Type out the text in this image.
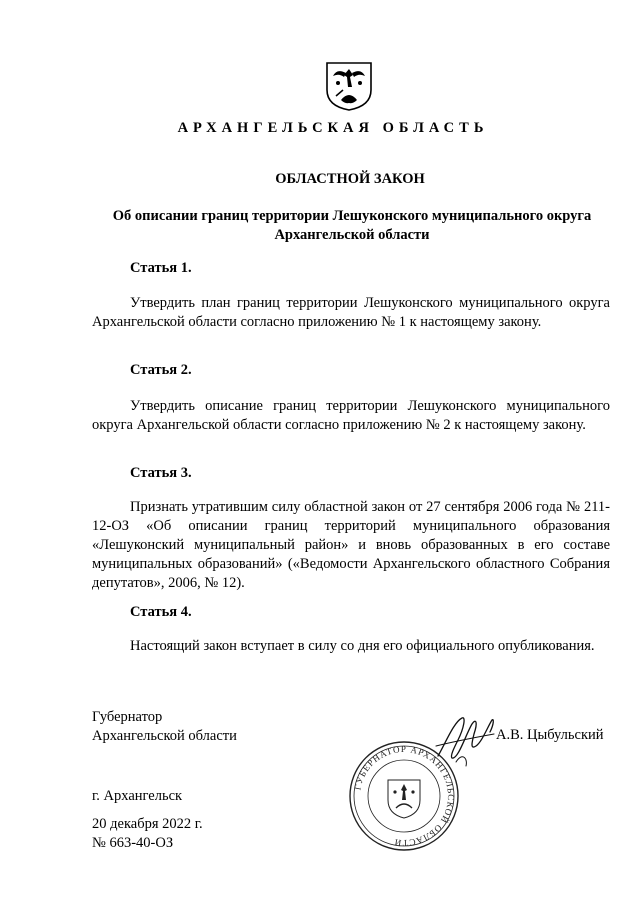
АРХАНГЕЛЬСКАЯ ОБЛАСТЬ
ОБЛАСТНОЙ ЗАКОН
Об описании границ территории Лешуконского муниципального округа
Архангельской области
Статья 1.

Утвердить план границ территории Лешуконского муниципального округа Архангельской области согласно приложению № 1 к настоящему закону.

Статья 2.

Утвердить описание границ территории Лешуконского муниципального округа Архангельской области согласно приложению № 2 к настоящему закону.

Статья 3.

Признать утратившим силу областной закон от 27 сентября 2006 года № 211-12-ОЗ «Об описании границ территорий муниципального образования «Лешуконский муниципальный район» и вновь образованных в его составе муниципальных образований» («Ведомости Архангельского областного Собрания депутатов», 2006, № 12).

Статья 4.

Настоящий закон вступает в силу со дня его официального опубликования.

Губернатор
Архангельской области
ГУБЕРНАТОР АРХАНГЕЛЬСКОЙ ОБЛАСТИ
А.В. Цыбульский
г. Архангельск
20 декабря 2022 г.
№ 663-40-ОЗ
